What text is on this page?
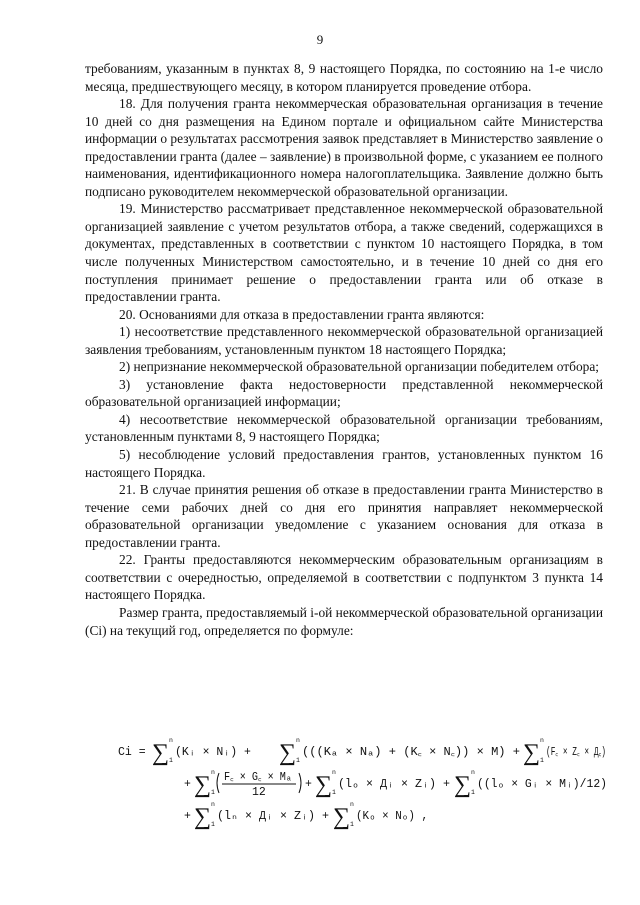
9

требованиям, указанным в пунктах 8, 9 настоящего Порядка, по состоянию на 1-е число месяца, предшествующего месяцу, в котором планируется проведение отбора.

18. Для получения гранта некоммерческая образовательная организация в течение 10 дней со дня размещения на Едином портале и официальном сайте Министерства информации о результатах рассмотрения заявок представляет в Министерство заявление о предоставлении гранта (далее – заявление) в произвольной форме, с указанием ее полного наименования, идентификационного номера налогоплательщика. Заявление должно быть подписано руководителем некоммерческой образовательной организации.

19. Министерство рассматривает представленное некоммерческой образовательной организацией заявление с учетом результатов отбора, а также сведений, содержащихся в документах, представленных в соответствии с пунктом 10 настоящего Порядка, в том числе полученных Министерством самостоятельно, и в течение 10 дней со дня его поступления принимает решение о предоставлении гранта или об отказе в предоставлении гранта.

20. Основаниями для отказа в предоставлении гранта являются:

1) несоответствие представленного некоммерческой образовательной организацией заявления требованиям, установленным пунктом 18 настоящего Порядка;

2) непризнание некоммерческой образовательной организации победителем отбора;

3) установление факта недостоверности представленной некоммерческой образовательной организацией информации;

4) несоответствие некоммерческой образовательной организации требованиям, установленным пунктами 8, 9 настоящего Порядка;

5) несоблюдение условий предоставления грантов, установленных пунктом 16 настоящего Порядка.

21. В случае принятия решения об отказе в предоставлении гранта Министерство в течение семи рабочих дней со дня его принятия направляет некоммерческой образовательной организации уведомление с указанием основания для отказа в предоставлении гранта.

22. Гранты предоставляются некоммерческим образовательным организациям в соответствии с очередностью, определяемой в соответствии с подпунктом 3 пункта 14 настоящего Порядка.

Размер гранта, предоставляемый i-ой некоммерческой образовательной организации (Ci) на текущий год, определяется по формуле:

Ci = ∑ n
1
(Kᵢ × Nᵢ) + ∑ n
1
(((Kₐ × Nₐ) + (K꜀ × N꜀)) × M) + ∑ n
1
(F꜀ × Z꜀ × Д꜀)
+ ∑ n
1
F꜀ × G꜀ × Mₐ
12
+ ∑ n
1
(lₒ × Дᵢ × Zᵢ) + ∑ n
1
((lₒ × Gᵢ × Mᵢ)/12)
+ ∑ n
1
(lₙ × Дᵢ × Zᵢ) + ∑ n
1
(Kₒ × Nₒ) ,
